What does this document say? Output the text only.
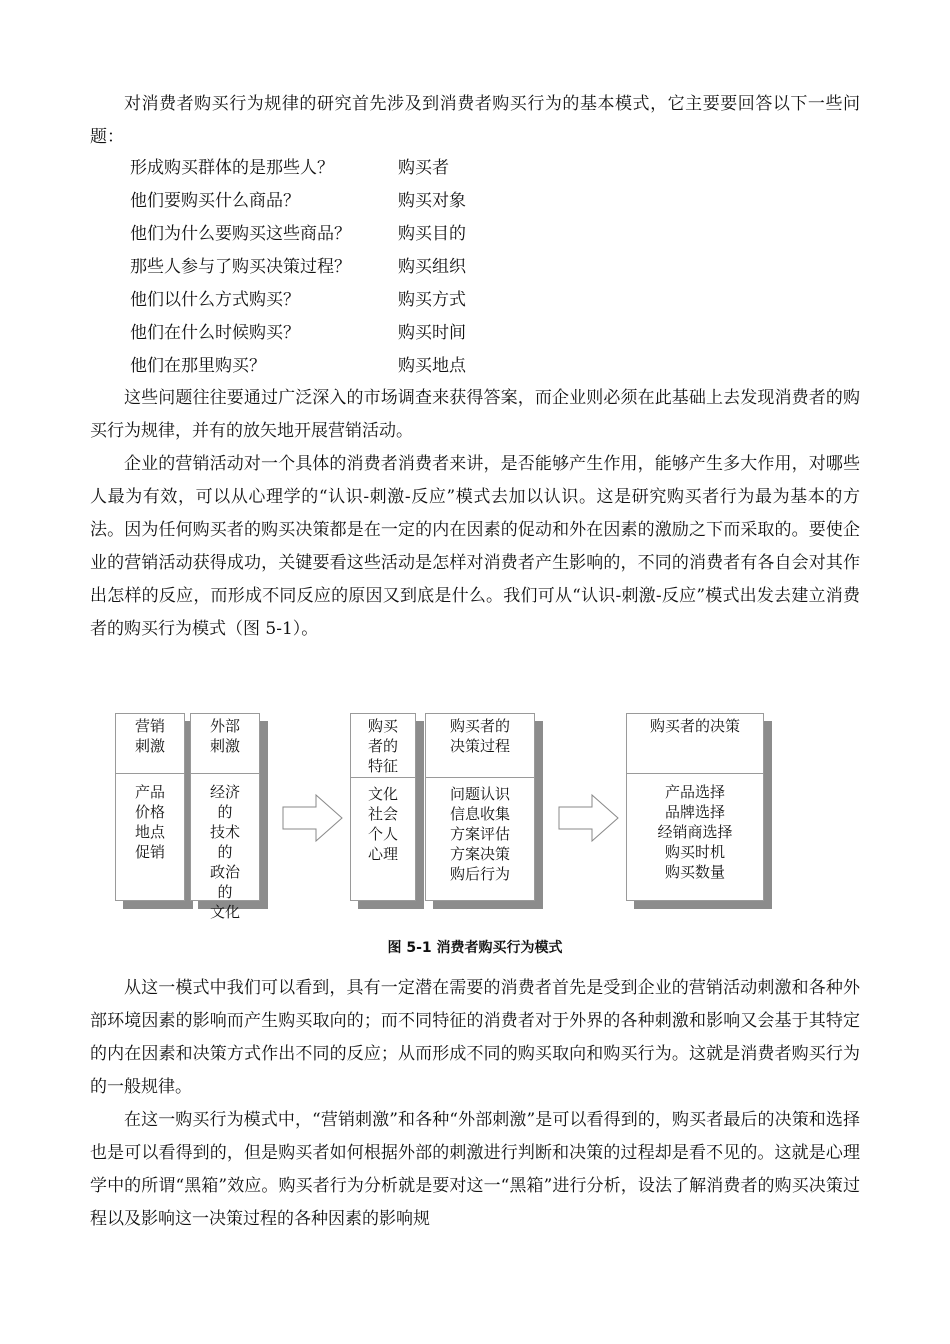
对消费者购买行为规律的研究首先涉及到消费者购买行为的基本模式，它主要要回答以下一些问题：
形成购买群体的是那些人？	购买者
他们要购买什么商品？	购买对象
他们为什么要购买这些商品？	购买目的
那些人参与了购买决策过程？	购买组织
他们以什么方式购买？	购买方式
他们在什么时候购买？	购买时间
他们在那里购买？	购买地点
这些问题往往要通过广泛深入的市场调查来获得答案，而企业则必须在此基础上去发现消费者的购买行为规律，并有的放矢地开展营销活动。
企业的营销活动对一个具体的消费者消费者来讲，是否能够产生作用，能够产生多大作用，对哪些人最为有效，可以从心理学的“认识-刺激-反应”模式去加以认识。这是研究购买者行为最为基本的方法。因为任何购买者的购买决策都是在一定的内在因素的促动和外在因素的激励之下而采取的。要使企业的营销活动获得成功，关键要看这些活动是怎样对消费者产生影响的，不同的消费者有各自会对其作出怎样的反应，而形成不同反应的原因又到底是什么。我们可从“认识-刺激-反应”模式出发去建立消费者的购买行为模式（图 5-1）。
营销
刺激
产品
价格
地点
促销
外部
刺激
经济
的
技术
的
政治
的
文化
购买
者的
特征
文化
社会
个人
心理
购买者的
决策过程
问题认识
信息收集
方案评估
方案决策
购后行为
购买者的决策
产品选择
品牌选择
经销商选择
购买时机
购买数量
图 5-1 消费者购买行为模式
从这一模式中我们可以看到，具有一定潜在需要的消费者首先是受到企业的营销活动刺激和各种外部环境因素的影响而产生购买取向的；而不同特征的消费者对于外界的各种刺激和影响又会基于其特定的内在因素和决策方式作出不同的反应；从而形成不同的购买取向和购买行为。这就是消费者购买行为的一般规律。
在这一购买行为模式中，“营销刺激”和各种“外部刺激”是可以看得到的，购买者最后的决策和选择也是可以看得到的，但是购买者如何根据外部的刺激进行判断和决策的过程却是看不见的。这就是心理学中的所谓“黑箱”效应。购买者行为分析就是要对这一“黑箱”进行分析，设法了解消费者的购买决策过程以及影响这一决策过程的各种因素的影响规
